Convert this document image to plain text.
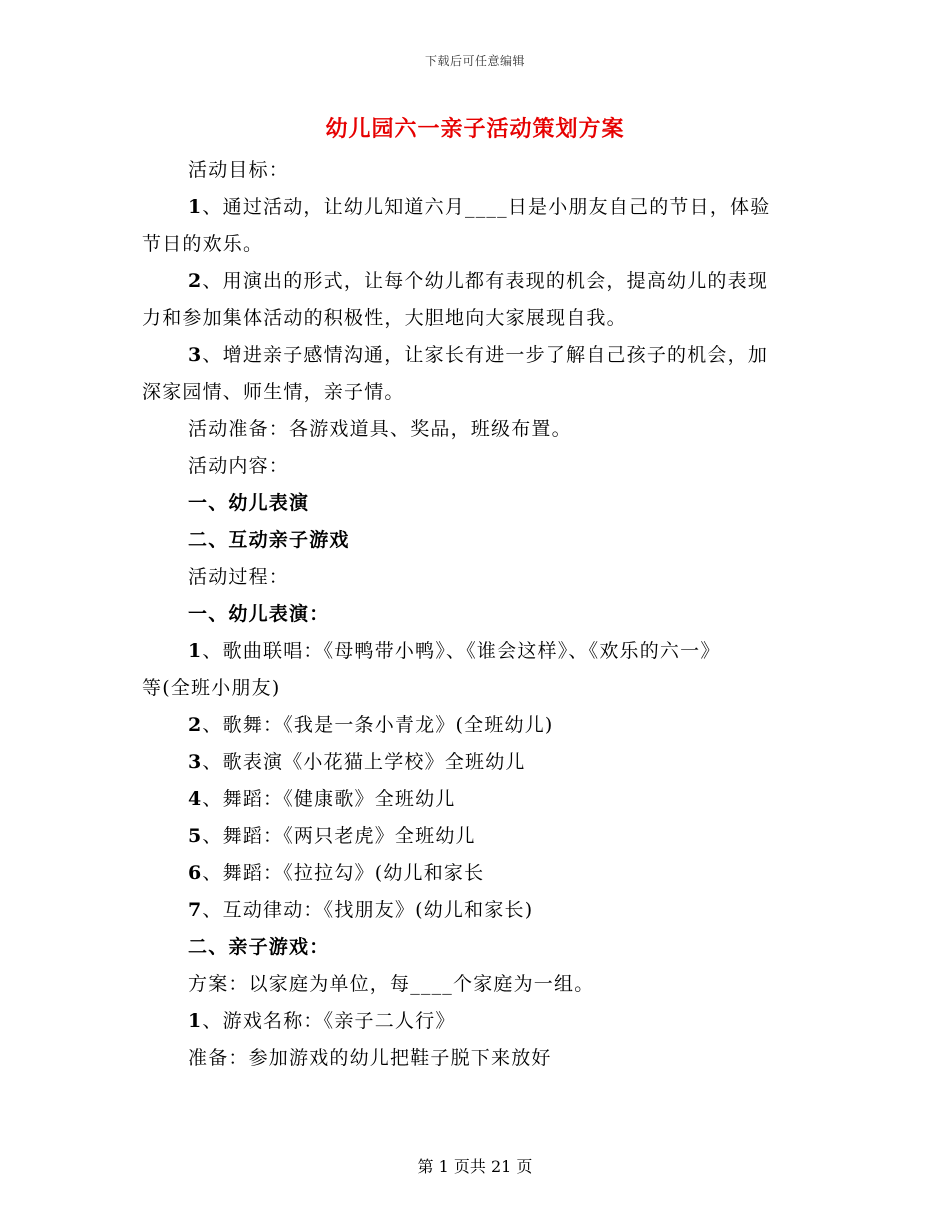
下载后可任意编辑
幼儿园六一亲子活动策划方案
活动目标：
1、通过活动，让幼儿知道六月____日是小朋友自己的节日，体验
节日的欢乐。
2、用演出的形式，让每个幼儿都有表现的机会，提高幼儿的表现
力和参加集体活动的积极性，大胆地向大家展现自我。
3、增进亲子感情沟通，让家长有进一步了解自己孩子的机会，加
深家园情、师生情，亲子情。
活动准备：各游戏道具、奖品，班级布置。
活动内容：
一、幼儿表演
二、互动亲子游戏
活动过程：
一、幼儿表演：
1、歌曲联唱：《母鸭带小鸭》、《谁会这样》、《欢乐的六一》
等(全班小朋友)
2、歌舞：《我是一条小青龙》(全班幼儿)
3、歌表演《小花猫上学校》全班幼儿
4、舞蹈：《健康歌》全班幼儿
5、舞蹈：《两只老虎》全班幼儿
6、舞蹈：《拉拉勾》(幼儿和家长
7、互动律动：《找朋友》(幼儿和家长)
二、亲子游戏：
方案：以家庭为单位，每____个家庭为一组。
1、游戏名称：《亲子二人行》
准备：参加游戏的幼儿把鞋子脱下来放好
第 1 页共 21 页
